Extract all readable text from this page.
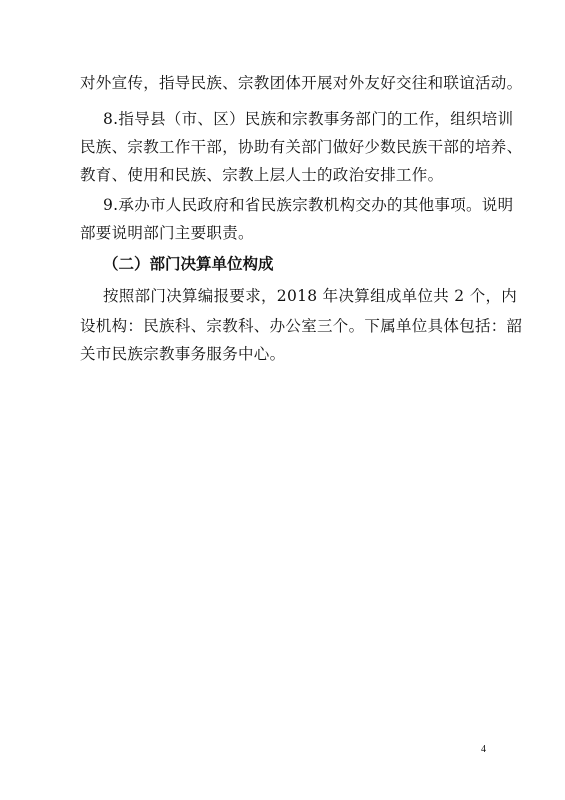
对外宣传，指导民族、宗教团体开展对外友好交往和联谊活动。
8.指导县（市、区）民族和宗教事务部门的工作，组织培训
民族、宗教工作干部，协助有关部门做好少数民族干部的培养、
教育、使用和民族、宗教上层人士的政治安排工作。
9.承办市人民政府和省民族宗教机构交办的其他事项。说明
部要说明部门主要职责。
（二）部门决算单位构成
按照部门决算编报要求，2018 年决算组成单位共 2 个，内
设机构：民族科、宗教科、办公室三个。下属单位具体包括：韶
关市民族宗教事务服务中心。
4
